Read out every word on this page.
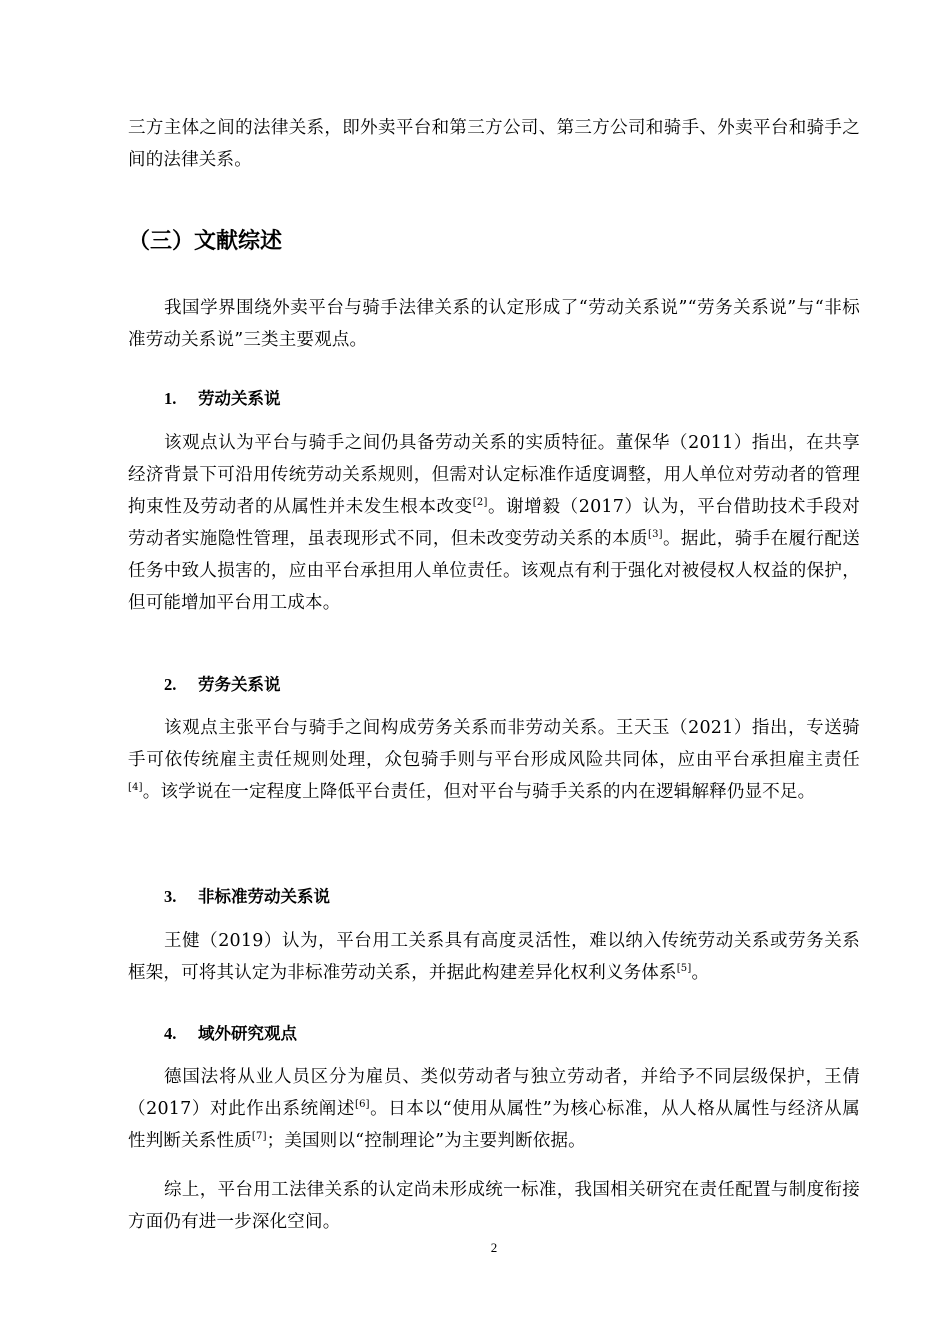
三方主体之间的法律关系，即外卖平台和第三方公司、第三方公司和骑手、外卖平台和骑手之间的法律关系。

（三）文献综述

我国学界围绕外卖平台与骑手法律关系的认定形成了“劳动关系说”“劳务关系说”与“非标准劳动关系说”三类主要观点。

1. 劳动关系说

该观点认为平台与骑手之间仍具备劳动关系的实质特征。董保华（2011）指出，在共享经济背景下可沿用传统劳动关系规则，但需对认定标准作适度调整，用人单位对劳动者的管理拘束性及劳动者的从属性并未发生根本改变[2]。谢增毅（2017）认为，平台借助技术手段对劳动者实施隐性管理，虽表现形式不同，但未改变劳动关系的本质[3]。据此，骑手在履行配送任务中致人损害的，应由平台承担用人单位责任。该观点有利于强化对被侵权人权益的保护，但可能增加平台用工成本。

2. 劳务关系说

该观点主张平台与骑手之间构成劳务关系而非劳动关系。王天玉（2021）指出，专送骑手可依传统雇主责任规则处理，众包骑手则与平台形成风险共同体，应由平台承担雇主责任[4]。该学说在一定程度上降低平台责任，但对平台与骑手关系的内在逻辑解释仍显不足。

3. 非标准劳动关系说

王健（2019）认为，平台用工关系具有高度灵活性，难以纳入传统劳动关系或劳务关系框架，可将其认定为非标准劳动关系，并据此构建差异化权利义务体系[5]。

4. 域外研究观点

德国法将从业人员区分为雇员、类似劳动者与独立劳动者，并给予不同层级保护，王倩（2017）对此作出系统阐述[6]。日本以“使用从属性”为核心标准，从人格从属性与经济从属性判断关系性质[7]；美国则以“控制理论”为主要判断依据。

综上，平台用工法律关系的认定尚未形成统一标准，我国相关研究在责任配置与制度衔接方面仍有进一步深化空间。

2
